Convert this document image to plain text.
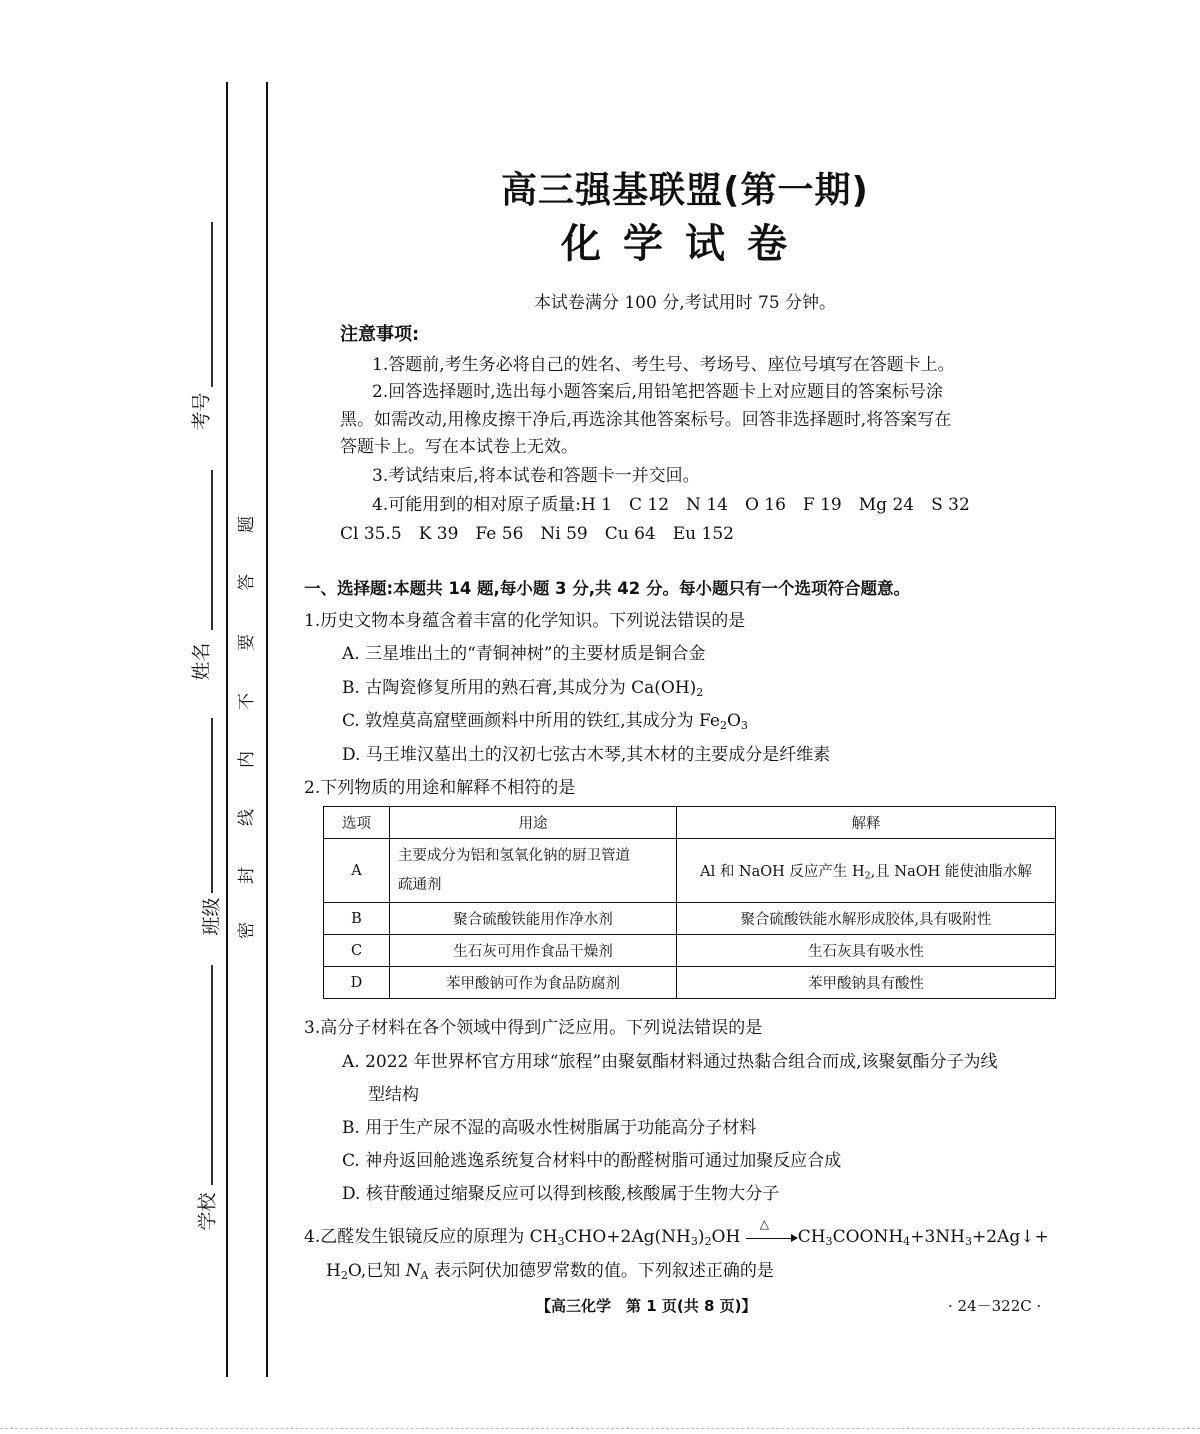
考号
姓名
班级
学校
密
封
线
内
不
要
答
题
高三强基联盟(第一期)
化学试卷
本试卷满分 100 分,考试用时 75 分钟。
注意事项:
1.答题前,考生务必将自己的姓名、考生号、考场号、座位号填写在答题卡上。
2.回答选择题时,选出每小题答案后,用铅笔把答题卡上对应题目的答案标号涂
黑。如需改动,用橡皮擦干净后,再选涂其他答案标号。回答非选择题时,将答案写在
答题卡上。写在本试卷上无效。
3.考试结束后,将本试卷和答题卡一并交回。
4.可能用到的相对原子质量:H 1　C 12　N 14　O 16　F 19　Mg 24　S 32
Cl 35.5　K 39　Fe 56　Ni 59　Cu 64　Eu 152
一、选择题:本题共 14 题,每小题 3 分,共 42 分。每小题只有一个选项符合题意。
1.历史文物本身蕴含着丰富的化学知识。下列说法错误的是
A. 三星堆出土的“青铜神树”的主要材质是铜合金
B. 古陶瓷修复所用的熟石膏,其成分为 $Ca(OH)_2$
C. 敦煌莫高窟壁画颜料中所用的铁红,其成分为 $Fe_2O_3$
D. 马王堆汉墓出土的汉初七弦古木琴,其木材的主要成分是纤维素
2.下列物质的用途和解释不相符的是
选项	用途	解释
A	主要成分为铝和氢氧化钠的厨卫管道
疏通剂	Al 和 NaOH 反应产生 $H_2$,且 NaOH 能使油脂水解
B	聚合硫酸铁能用作净水剂	聚合硫酸铁能水解形成胶体,具有吸附性
C	生石灰可用作食品干燥剂	生石灰具有吸水性
D	苯甲酸钠可作为食品防腐剂	苯甲酸钠具有酸性
3.高分子材料在各个领域中得到广泛应用。下列说法错误的是
A. 2022 年世界杯官方用球“旅程”由聚氨酯材料通过热黏合组合而成,该聚氨酯分子为线
型结构
B. 用于生产尿不湿的高吸水性树脂属于功能高分子材料
C. 神舟返回舱逃逸系统复合材料中的酚醛树脂可通过加聚反应合成
D. 核苷酸通过缩聚反应可以得到核酸,核酸属于生物大分子
4.乙醛发生银镜反应的原理为 $CH_3CHO+2Ag(NH_3)_2OH$
△
$CH_3COONH_4+3NH_3+2Ag↓+$
$H_2O$,已知 $N_A$ 表示阿伏加德罗常数的值。下列叙述正确的是
【高三化学　第 1 页(共 8 页)】	· 24－322C ·
